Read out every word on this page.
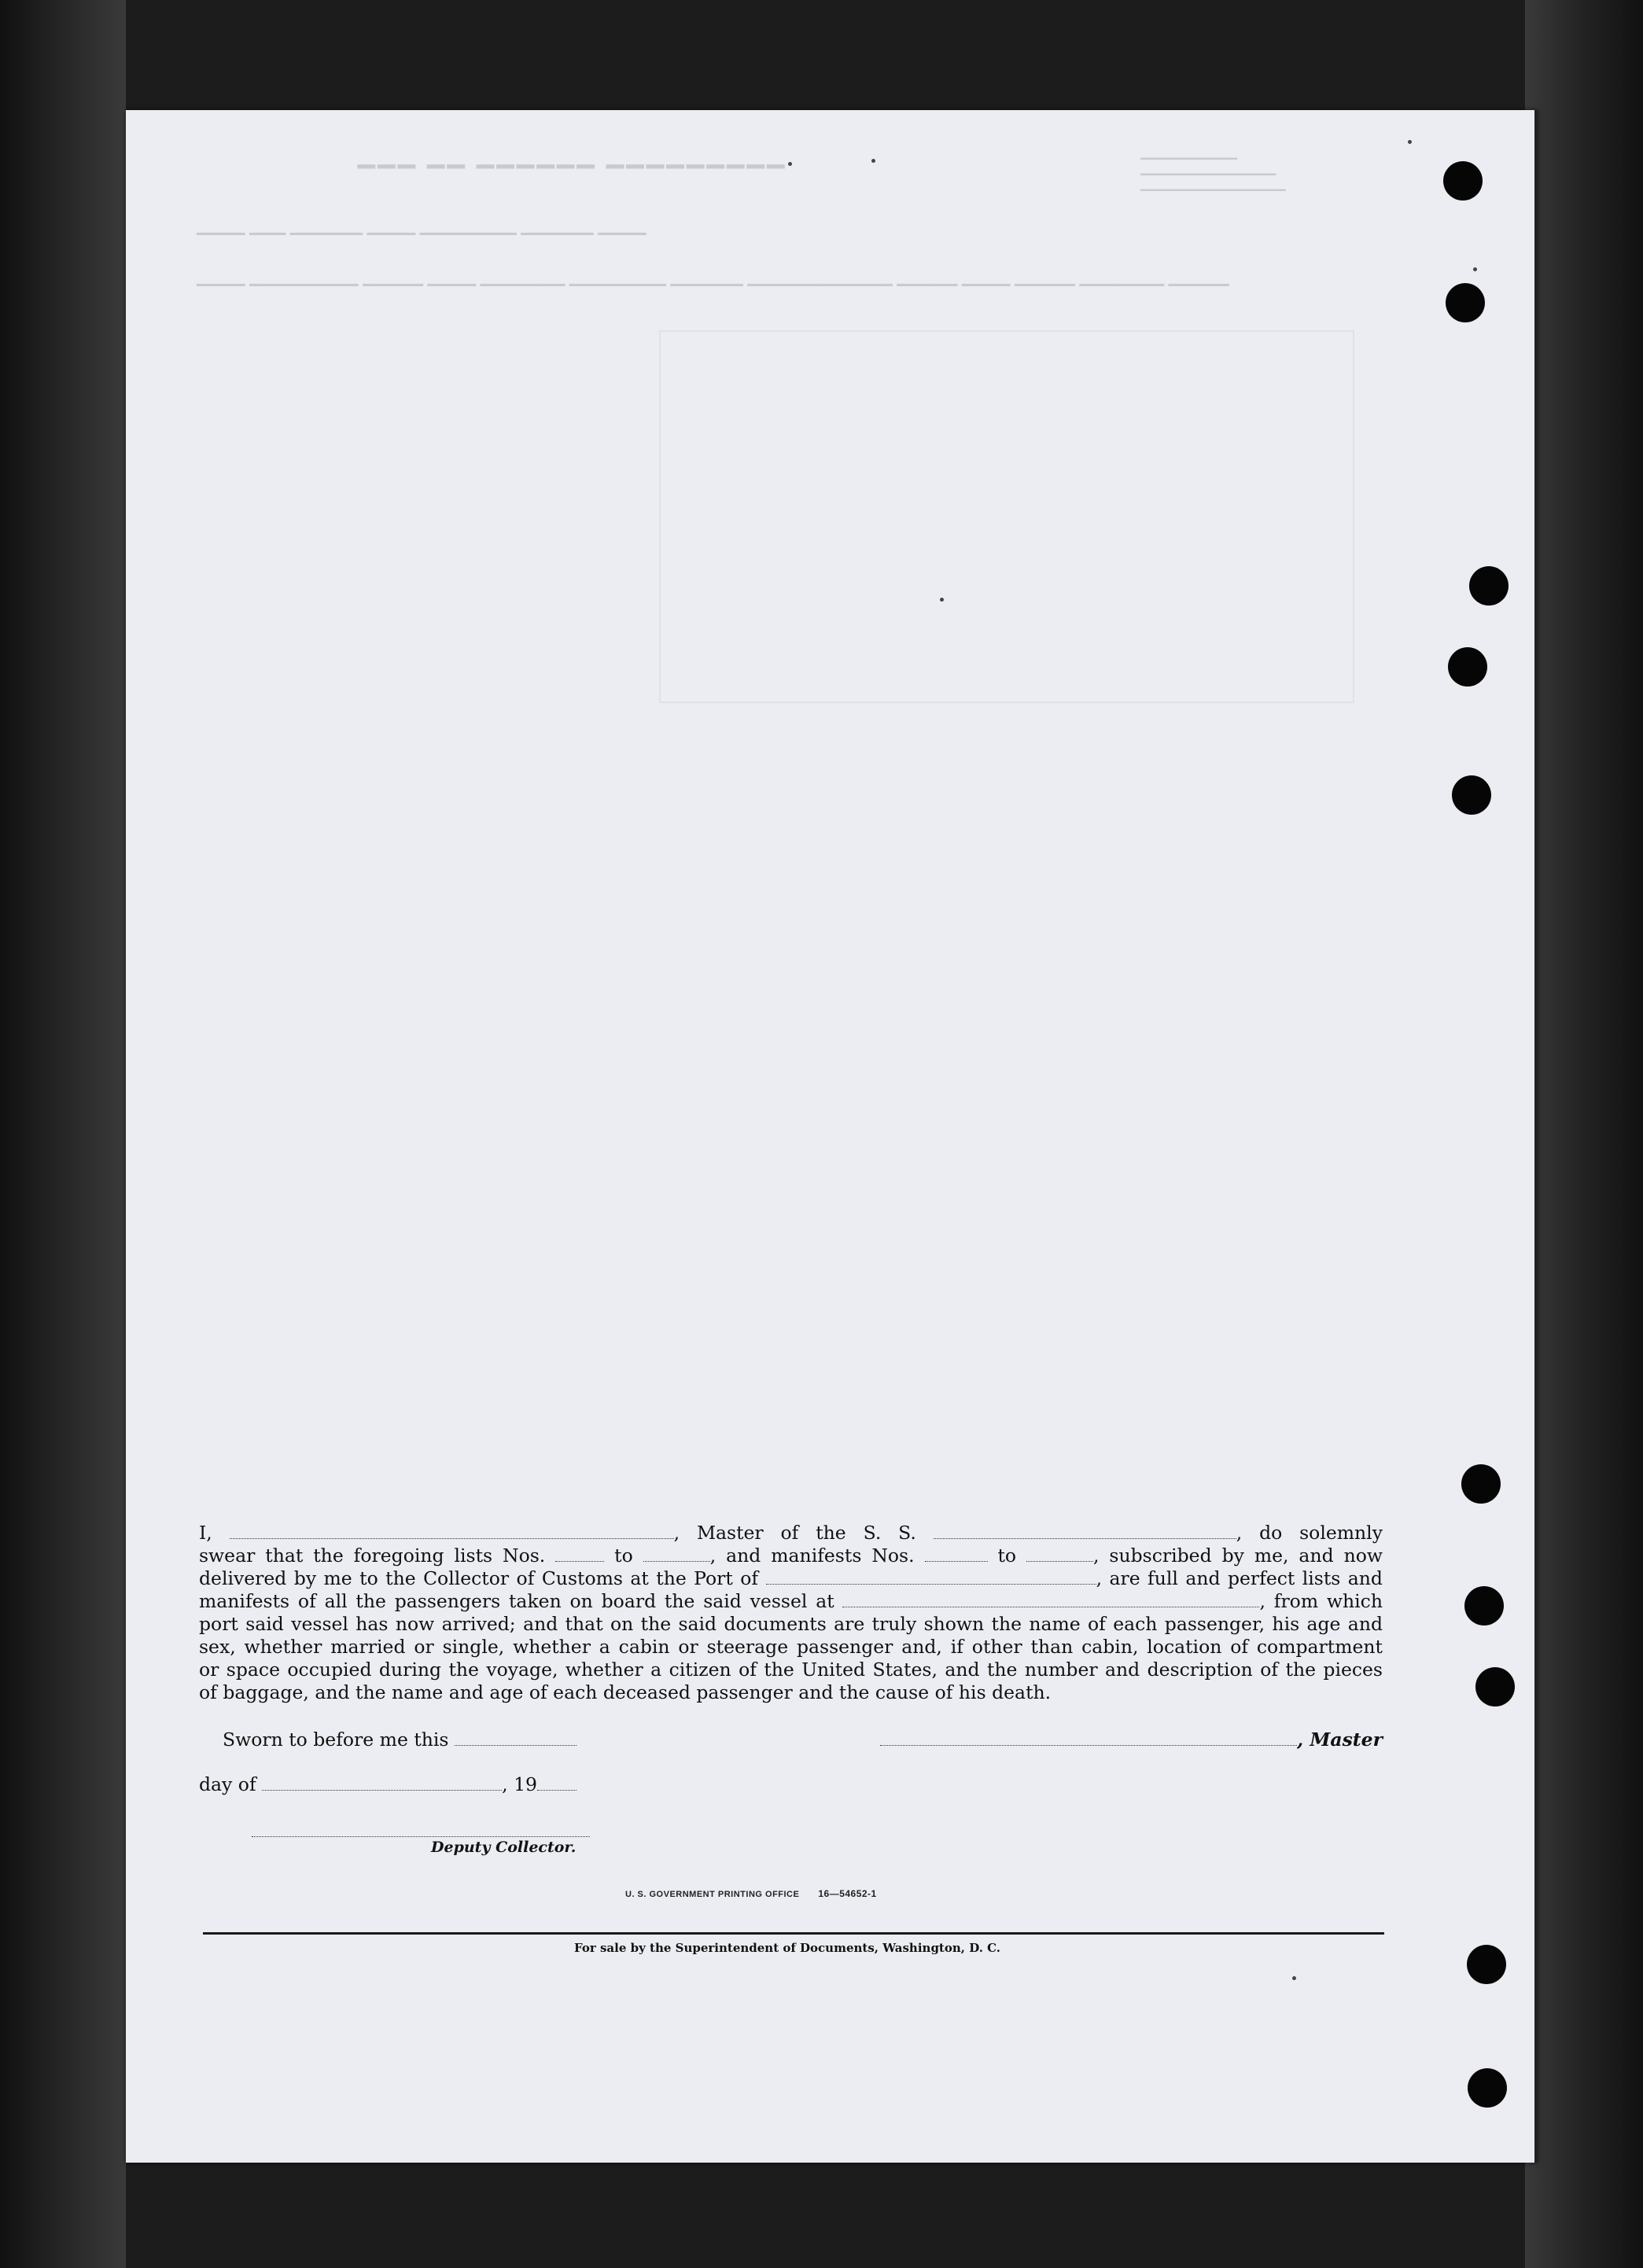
▔▔▔ ▔▔ ▔▔▔▔▔▔ ▔▔▔▔▔▔▔▔▔
▁▁▁▁ ▁▁▁ ▁▁▁▁▁▁ ▁▁▁▁ ▁▁▁▁▁▁▁▁ ▁▁▁▁▁▁ ▁▁▁▁
▁▁▁▁ ▁▁▁▁▁▁▁▁▁ ▁▁▁▁▁ ▁▁▁▁ ▁▁▁▁▁▁▁ ▁▁▁▁▁▁▁▁ ▁▁▁▁▁▁ ▁▁▁▁▁▁▁▁▁▁▁▁ ▁▁▁▁▁ ▁▁▁▁ ▁▁▁▁▁ ▁▁▁▁▁▁▁ ▁▁▁▁▁
▁▁▁▁▁▁▁▁▁▁
▁▁▁▁▁▁▁▁▁▁▁▁▁▁
▁▁▁▁▁▁▁▁▁▁▁▁▁▁▁
I,	, Master of the S. S.	, do solemnly
swear that the foregoing lists Nos.	to	, and manifests Nos.	to	, subscribed by me, and now
delivered by me to the Collector of Customs at the Port of	, are full and perfect lists and
manifests of all the passengers taken on board the said vessel at	, from which
port said vessel has now arrived; and that on the said documents are truly shown the name of each passenger, his age and
sex, whether married or single, whether a cabin or steerage passenger and, if other than cabin, location of compartment
or space occupied during the voyage, whether a citizen of the United States, and the number and description of the pieces
of baggage, and the name and age of each deceased passenger and the cause of his death.
Sworn to before me this	, Master
day of	, 19
Deputy Collector.
U. S. GOVERNMENT PRINTING OFFICE 16—54652-1
For sale by the Superintendent of Documents, Washington, D. C.
